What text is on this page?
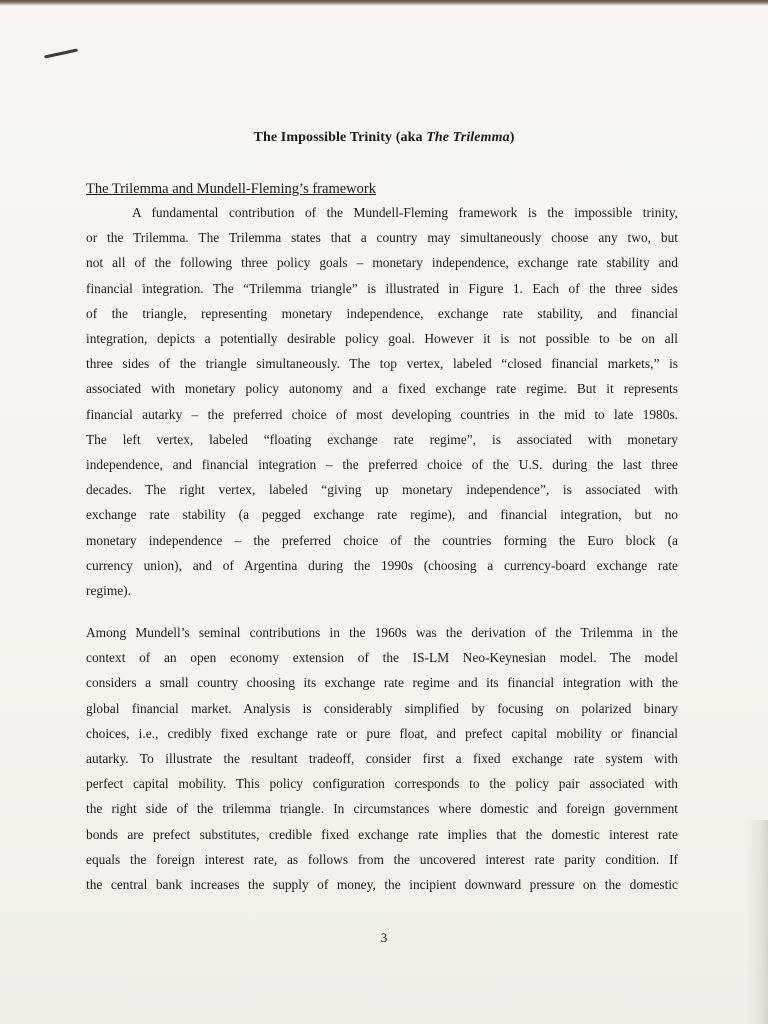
The Impossible Trinity (aka The Trilemma)
The Trilemma and Mundell-Fleming’s framework
A fundamental contribution of the Mundell-Fleming framework is the impossible trinity,
or the Trilemma. The Trilemma states that a country may simultaneously choose any two, but
not all of the following three policy goals – monetary independence, exchange rate stability and
financial integration. The “Trilemma triangle” is illustrated in Figure 1. Each of the three sides
of the triangle, representing monetary independence, exchange rate stability, and financial
integration, depicts a potentially desirable policy goal. However it is not possible to be on all
three sides of the triangle simultaneously. The top vertex, labeled “closed financial markets,” is
associated with monetary policy autonomy and a fixed exchange rate regime. But it represents
financial autarky – the preferred choice of most developing countries in the mid to late 1980s.
The left vertex, labeled “floating exchange rate regime”, is associated with monetary
independence, and financial integration – the preferred choice of the U.S. during the last three
decades. The right vertex, labeled “giving up monetary independence”, is associated with
exchange rate stability (a pegged exchange rate regime), and financial integration, but no
monetary independence – the preferred choice of the countries forming the Euro block (a
currency union), and of Argentina during the 1990s (choosing a currency-board exchange rate
regime).
Among Mundell’s seminal contributions in the 1960s was the derivation of the Trilemma in the
context of an open economy extension of the IS-LM Neo-Keynesian model. The model
considers a small country choosing its exchange rate regime and its financial integration with the
global financial market. Analysis is considerably simplified by focusing on polarized binary
choices, i.e., credibly fixed exchange rate or pure float, and prefect capital mobility or financial
autarky. To illustrate the resultant tradeoff, consider first a fixed exchange rate system with
perfect capital mobility. This policy configuration corresponds to the policy pair associated with
the right side of the trilemma triangle. In circumstances where domestic and foreign government
bonds are prefect substitutes, credible fixed exchange rate implies that the domestic interest rate
equals the foreign interest rate, as follows from the uncovered interest rate parity condition. If
the central bank increases the supply of money, the incipient downward pressure on the domestic
3
